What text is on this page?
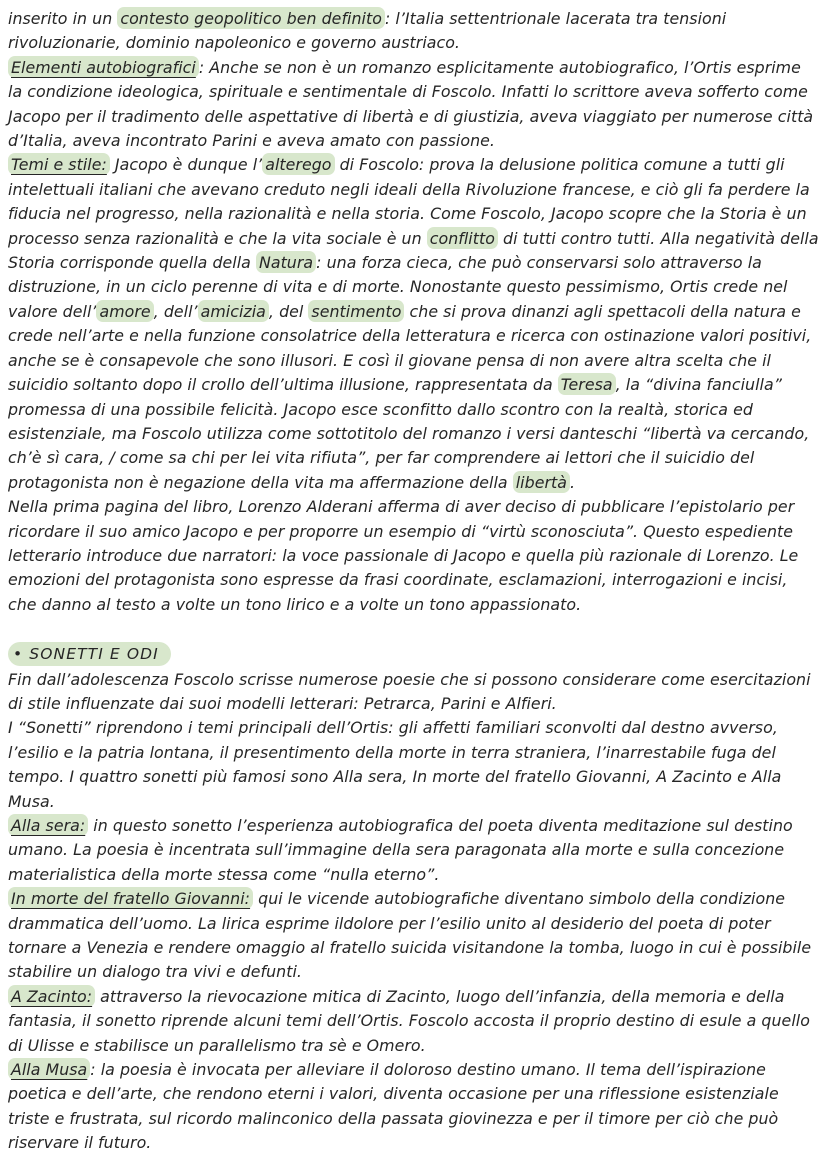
inserito in un contesto geopolitico ben definito : l’Italia settentrionale lacerata tra tensioni rivoluzionarie, dominio napoleonico e governo austriaco.

Elementi autobiografici : Anche se non è un romanzo esplicitamente autobiografico, l’Ortis esprime la condizione ideologica, spirituale e sentimentale di Foscolo. Infatti lo scrittore aveva sofferto come Jacopo per il tradimento delle aspettative di libertà e di giustizia, aveva viaggiato per numerose città d’Italia, aveva incontrato Parini e aveva amato con passione.

Temi e stile: Jacopo è dunque l’ alterego di Foscolo: prova la delusione politica comune a tutti gli intelettuali italiani che avevano creduto negli ideali della Rivoluzione francese, e ciò gli fa perdere la fiducia nel progresso, nella razionalità e nella storia. Come Foscolo, Jacopo scopre che la Storia è un processo senza razionalità e che la vita sociale è un conflitto di tutti contro tutti. Alla negatività della Storia corrisponde quella della Natura : una forza cieca, che può conservarsi solo attraverso la distruzione, in un ciclo perenne di vita e di morte. Nonostante questo pessimismo, Ortis crede nel valore dell’ amore , dell’ amicizia , del sentimento che si prova dinanzi agli spettacoli della natura e crede nell’arte e nella funzione consolatrice della letteratura e ricerca con ostinazione valori positivi, anche se è consapevole che sono illusori. E così il giovane pensa di non avere altra scelta che il suicidio soltanto dopo il crollo dell’ultima illusione, rappresentata da Teresa , la “divina fanciulla” promessa di una possibile felicità. Jacopo esce sconfitto dallo scontro con la realtà, storica ed esistenziale, ma Foscolo utilizza come sottotitolo del romanzo i versi danteschi “libertà va cercando, ch’è sì cara, / come sa chi per lei vita rifiuta”, per far comprendere ai lettori che il suicidio del protagonista non è negazione della vita ma affermazione della libertà .

Nella prima pagina del libro, Lorenzo Alderani afferma di aver deciso di pubblicare l’epistolario per ricordare il suo amico Jacopo e per proporre un esempio di “virtù sconosciuta”. Questo espediente letterario introduce due narratori: la voce passionale di Jacopo e quella più razionale di Lorenzo. Le emozioni del protagonista sono espresse da frasi coordinate, esclamazioni, interrogazioni e incisi, che danno al testo a volte un tono lirico e a volte un tono appassionato.

• SONETTI E ODI

Fin dall’adolescenza Foscolo scrisse numerose poesie che si possono considerare come esercitazioni di stile influenzate dai suoi modelli letterari: Petrarca, Parini e Alfieri.

I “Sonetti” riprendono i temi principali dell’Ortis: gli affetti familiari sconvolti dal destno avverso, l’esilio e la patria lontana, il presentimento della morte in terra straniera, l’inarrestabile fuga del tempo. I quattro sonetti più famosi sono Alla sera, In morte del fratello Giovanni, A Zacinto e Alla Musa.

Alla sera: in questo sonetto l’esperienza autobiografica del poeta diventa meditazione sul destino umano. La poesia è incentrata sull’immagine della sera paragonata alla morte e sulla concezione materialistica della morte stessa come “nulla eterno”.

In morte del fratello Giovanni: qui le vicende autobiografiche diventano simbolo della condizione drammatica dell’uomo. La lirica esprime ildolore per l’esilio unito al desiderio del poeta di poter tornare a Venezia e rendere omaggio al fratello suicida visitandone la tomba, luogo in cui è possibile stabilire un dialogo tra vivi e defunti.

A Zacinto: attraverso la rievocazione mitica di Zacinto, luogo dell’infanzia, della memoria e della fantasia, il sonetto riprende alcuni temi dell’Ortis. Foscolo accosta il proprio destino di esule a quello di Ulisse e stabilisce un parallelismo tra sè e Omero.

Alla Musa : la poesia è invocata per alleviare il doloroso destino umano. Il tema dell’ispirazione poetica e dell’arte, che rendono eterni i valori, diventa occasione per una riflessione esistenziale triste e frustrata, sul ricordo malinconico della passata giovinezza e per il timore per ciò che può riservare il futuro.
